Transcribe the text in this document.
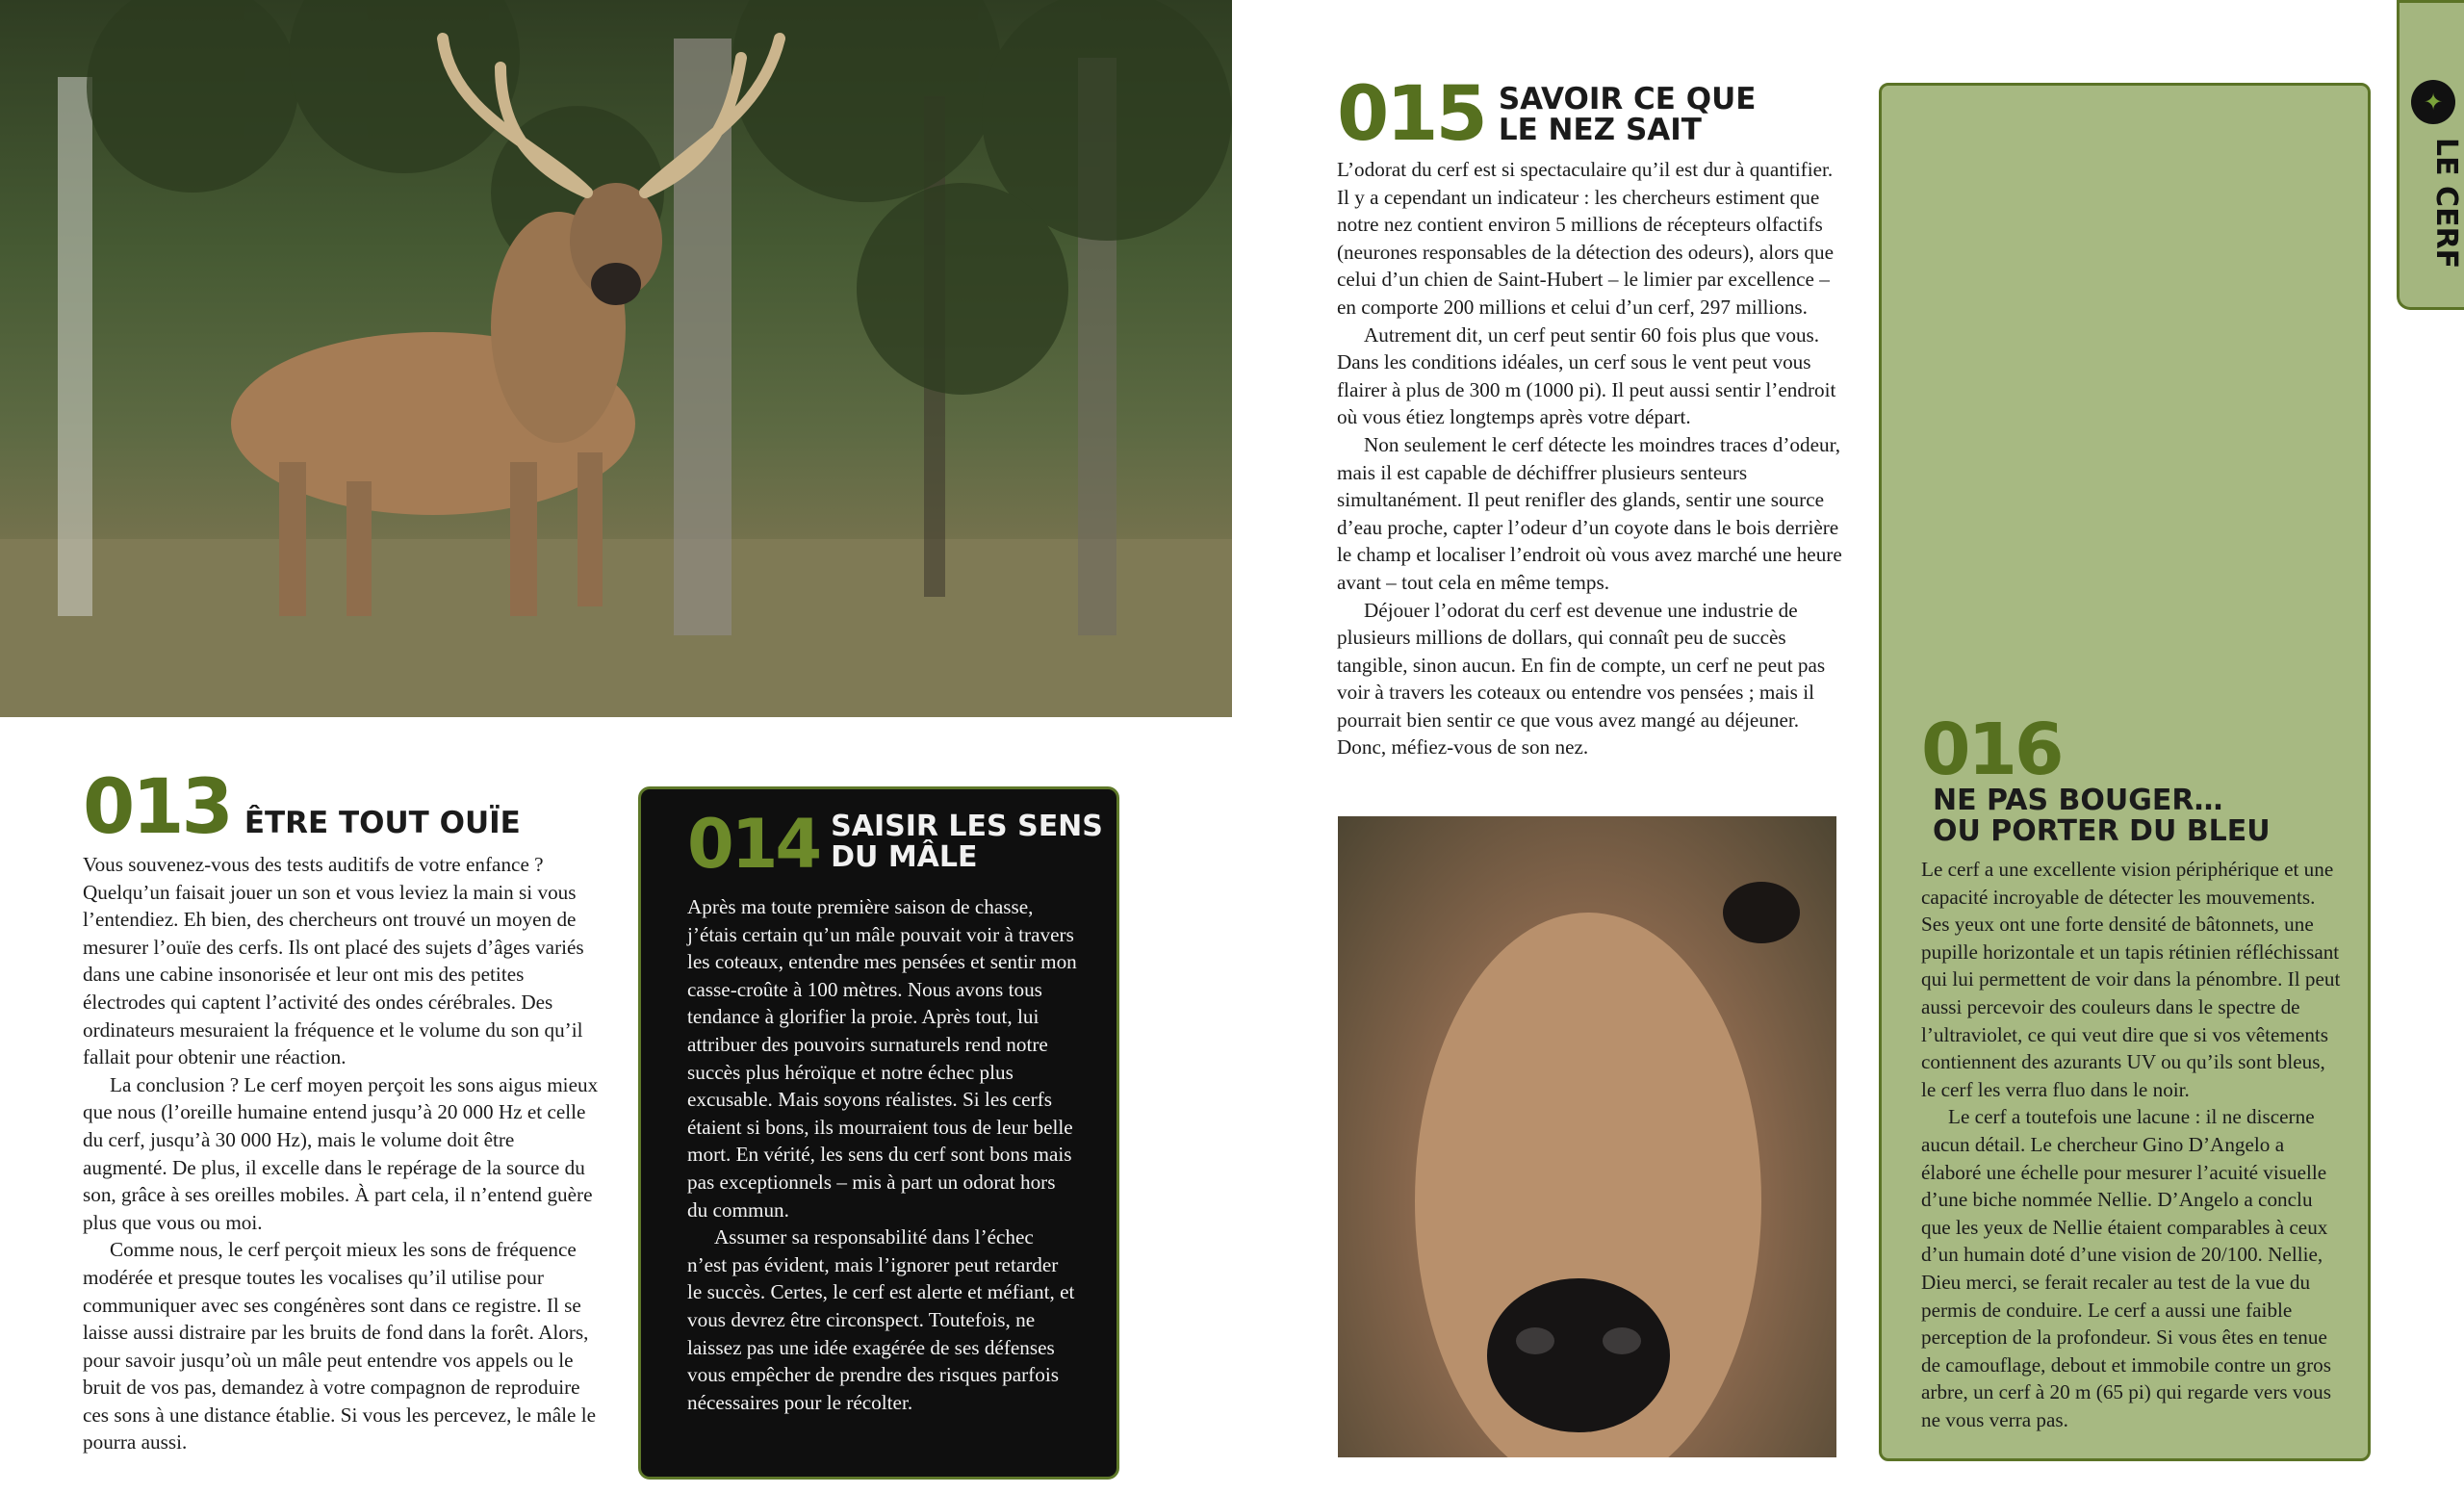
013 ÊTRE TOUT OUÏE

Vous souvenez-vous des tests auditifs de votre enfance ? Quelqu’un faisait jouer un son et vous leviez la main si vous l’entendiez. Eh bien, des chercheurs ont trouvé un moyen de mesurer l’ouïe des cerfs. Ils ont placé des sujets d’âges variés dans une cabine insonorisée et leur ont mis des petites électrodes qui captent l’activité des ondes cérébrales. Des ordinateurs mesuraient la fréquence et le volume du son qu’il fallait pour obtenir une réaction.

La conclusion ? Le cerf moyen perçoit les sons aigus mieux que nous (l’oreille humaine entend jusqu’à 20 000 Hz et celle du cerf, jusqu’à 30 000 Hz), mais le volume doit être augmenté. De plus, il excelle dans le repérage de la source du son, grâce à ses oreilles mobiles. À part cela, il n’entend guère plus que vous ou moi.

Comme nous, le cerf perçoit mieux les sons de fréquence modérée et presque toutes les vocalises qu’il utilise pour communiquer avec ses congénères sont dans ce registre. Il se laisse aussi distraire par les bruits de fond dans la forêt. Alors, pour savoir jusqu’où un mâle peut entendre vos appels ou le bruit de vos pas, demandez à votre compagnon de reproduire ces sons à une distance établie. Si vous les percevez, le mâle le pourra aussi.

014 SAISIR LES SENS
DU MÂLE

Après ma toute première saison de chasse, j’étais certain qu’un mâle pouvait voir à travers les coteaux, entendre mes pensées et sentir mon casse-croûte à 100 mètres. Nous avons tous tendance à glorifier la proie. Après tout, lui attribuer des pouvoirs surnaturels rend notre succès plus héroïque et notre échec plus excusable. Mais soyons réalistes. Si les cerfs étaient si bons, ils mourraient tous de leur belle mort. En vérité, les sens du cerf sont bons mais pas exceptionnels – mis à part un odorat hors du commun.

Assumer sa responsabilité dans l’échec n’est pas évident, mais l’ignorer peut retarder le succès. Certes, le cerf est alerte et méfiant, et vous devrez être circonspect. Toutefois, ne laissez pas une idée exagérée de ses défenses vous empêcher de prendre des risques parfois nécessaires pour le récolter.

015 SAVOIR CE QUE
LE NEZ SAIT

L’odorat du cerf est si spectaculaire qu’il est dur à quantifier. Il y a cependant un indicateur : les chercheurs estiment que notre nez contient environ 5 millions de récepteurs olfactifs (neurones responsables de la détection des odeurs), alors que celui d’un chien de Saint-Hubert – le limier par excellence – en comporte 200 millions et celui d’un cerf, 297 millions.

Autrement dit, un cerf peut sentir 60 fois plus que vous. Dans les conditions idéales, un cerf sous le vent peut vous flairer à plus de 300 m (1000 pi). Il peut aussi sentir l’endroit où vous étiez longtemps après votre départ.

Non seulement le cerf détecte les moindres traces d’odeur, mais il est capable de déchiffrer plusieurs senteurs simultanément. Il peut renifler des glands, sentir une source d’eau proche, capter l’odeur d’un coyote dans le bois derrière le champ et localiser l’endroit où vous avez marché une heure avant – tout cela en même temps.

Déjouer l’odorat du cerf est devenue une industrie de plusieurs millions de dollars, qui connaît peu de succès tangible, sinon aucun. En fin de compte, un cerf ne peut pas voir à travers les coteaux ou entendre vos pensées ; mais il pourrait bien sentir ce que vous avez mangé au déjeuner. Donc, méfiez-vous de son nez.	016
NE PAS BOUGER…
OU PORTER DU BLEU

Le cerf a une excellente vision périphérique et une capacité incroyable de détecter les mouvements. Ses yeux ont une forte densité de bâtonnets, une pupille horizontale et un tapis rétinien réfléchissant qui lui permettent de voir dans la pénombre. Il peut aussi percevoir des couleurs dans le spectre de l’ultraviolet, ce qui veut dire que si vos vêtements contiennent des azurants UV ou qu’ils sont bleus, le cerf les verra fluo dans le noir.

Le cerf a toutefois une lacune : il ne discerne aucun détail. Le chercheur Gino D’Angelo a élaboré une échelle pour mesurer l’acuité visuelle d’une biche nommée Nellie. D’Angelo a conclu que les yeux de Nellie étaient comparables à ceux d’un humain doté d’une vision de 20/100. Nellie, Dieu merci, se ferait recaler au test de la vue du permis de conduire. Le cerf a aussi une faible perception de la profondeur. Si vous êtes en tenue de camouflage, debout et immobile contre un gros arbre, un cerf à 20 m (65 pi) qui regarde vers vous ne vous verra pas.

✦
LE CERF
